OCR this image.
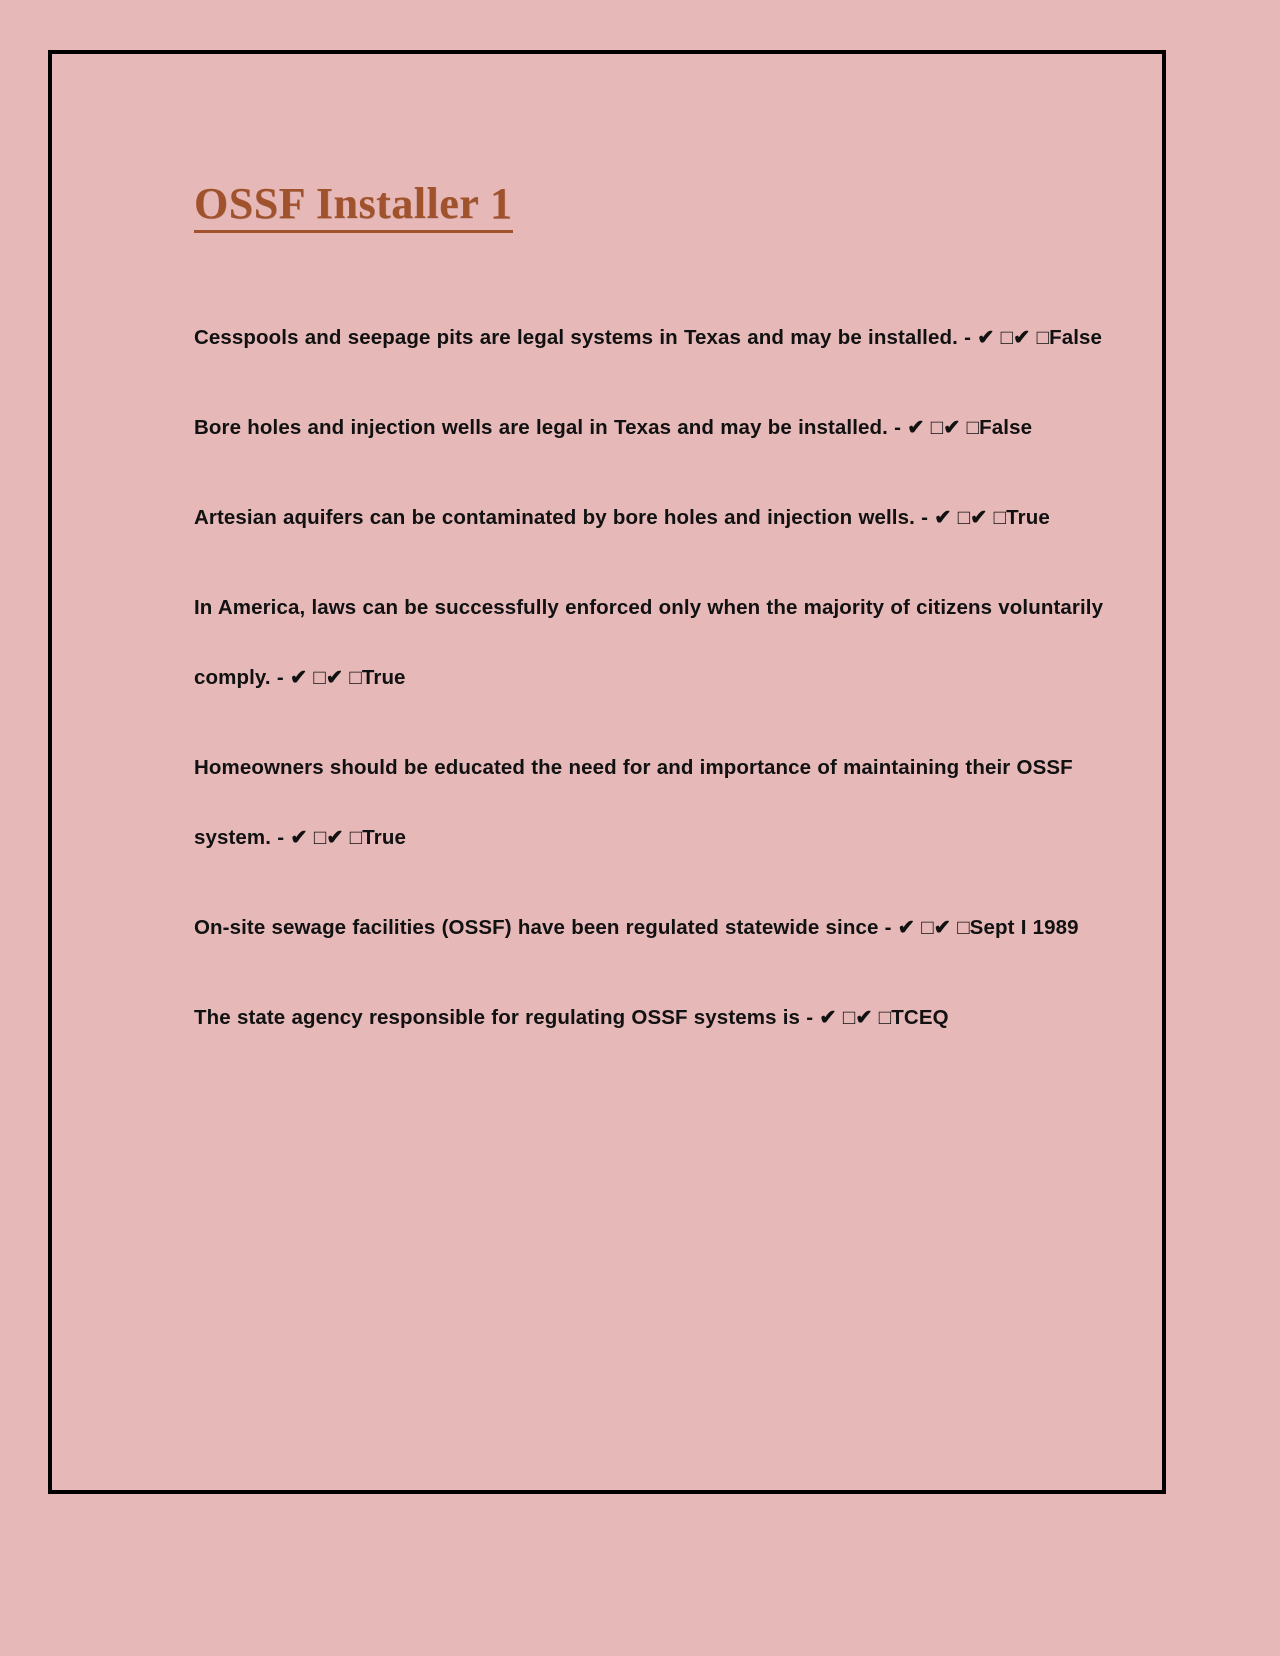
OSSF Installer 1

Cesspools and seepage pits are legal systems in Texas and may be installed. - ✔ □✔ □False

Bore holes and injection wells are legal in Texas and may be installed. - ✔ □✔ □False

Artesian aquifers can be contaminated by bore holes and injection wells. - ✔ □✔ □True

In America, laws can be successfully enforced only when the majority of citizens voluntarily comply. - ✔ □✔ □True

Homeowners should be educated the need for and importance of maintaining their OSSF system. - ✔ □✔ □True

On-site sewage facilities (OSSF) have been regulated statewide since - ✔ □✔ □Sept I 1989

The state agency responsible for regulating OSSF systems is - ✔ □✔ □TCEQ
